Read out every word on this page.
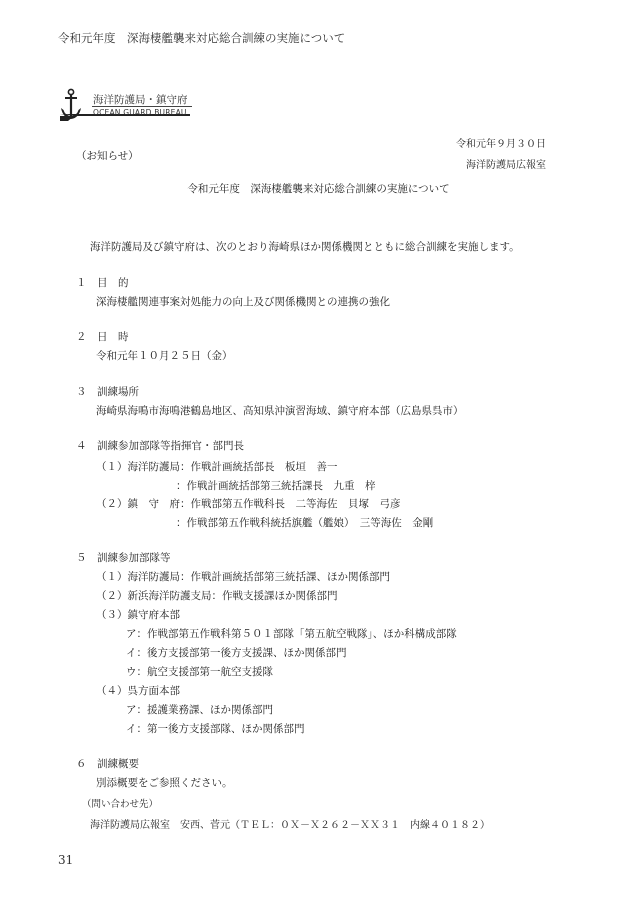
令和元年度　深海棲艦襲来対応総合訓練の実施について
海洋防護局・鎮守府
OCEAN GUARD BUREAU
（お知らせ）
令和元年９月３０日
海洋防護局広報室
令和元年度　深海棲艦襲来対応総合訓練の実施について
海洋防護局及び鎮守府は、次のとおり海崎県ほか関係機関とともに総合訓練を実施します。
１　目　的
深海棲艦関連事案対処能力の向上及び関係機関との連携の強化
２　日　時
令和元年１０月２５日（金）
３　訓練場所
海崎県海鳴市海鳴港鶴島地区、高知県沖演習海域、鎮守府本部（広島県呉市）
４　訓練参加部隊等指揮官・部門長
（１）海洋防護局：作戦計画統括部長　板垣　善一
：作戦計画統括部第三統括課長　九重　梓
（２）鎮　守　府：作戦部第五作戦科長　二等海佐　貝塚　弓彦
：作戦部第五作戦科統括旗艦（艦娘）　三等海佐　金剛
５　訓練参加部隊等
（１）海洋防護局：作戦計画統括部第三統括課、ほか関係部門
（２）新浜海洋防護支局：作戦支援課ほか関係部門
（３）鎮守府本部
ア：作戦部第五作戦科第５０１部隊「第五航空戦隊」、ほか科構成部隊
イ：後方支援部第一後方支援課、ほか関係部門
ウ：航空支援部第一航空支援隊
（４）呉方面本部
ア：援護業務課、ほか関係部門
イ：第一後方支援部隊、ほか関係部門
６　訓練概要
別添概要をご参照ください。
（問い合わせ先）
海洋防護局広報室　安西、菅元（ＴＥＬ：０Ｘ－Ｘ２６２－ＸＸ３１　内線４０１８２）
31
